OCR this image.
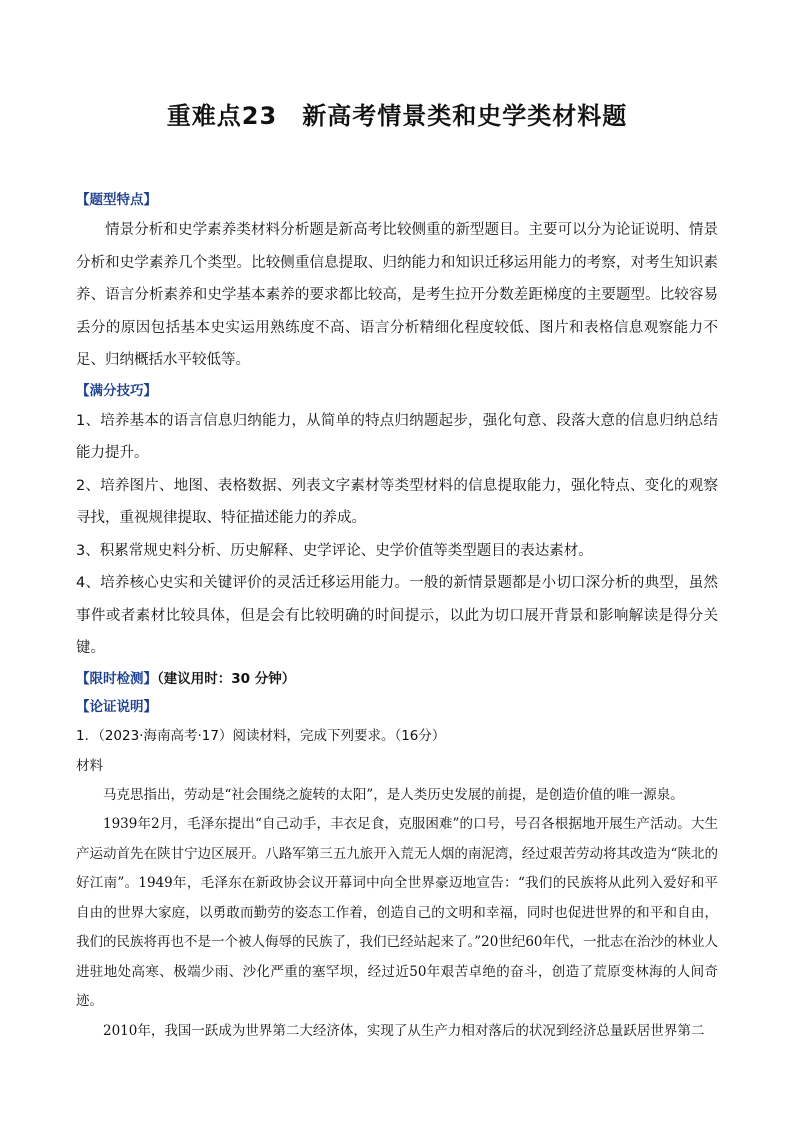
重难点23　新高考情景类和史学类材料题

【题型特点】

情景分析和史学素养类材料分析题是新高考比较侧重的新型题目。主要可以分为论证说明、情景分析和史学素养几个类型。比较侧重信息提取、归纳能力和知识迁移运用能力的考察，对考生知识素养、语言分析素养和史学基本素养的要求都比较高，是考生拉开分数差距梯度的主要题型。比较容易丢分的原因包括基本史实运用熟练度不高、语言分析精细化程度较低、图片和表格信息观察能力不足、归纳概括水平较低等。

【满分技巧】

1、培养基本的语言信息归纳能力，从简单的特点归纳题起步，强化句意、段落大意的信息归纳总结能力提升。

2、培养图片、地图、表格数据、列表文字素材等类型材料的信息提取能力，强化特点、变化的观察寻找，重视规律提取、特征描述能力的养成。

3、积累常规史料分析、历史解释、史学评论、史学价值等类型题目的表达素材。

4、培养核心史实和关键评价的灵活迁移运用能力。一般的新情景题都是小切口深分析的典型，虽然事件或者素材比较具体，但是会有比较明确的时间提示，以此为切口展开背景和影响解读是得分关键。

【限时检测】（建议用时：30 分钟）

【论证说明】

1．（2023·海南高考·17）阅读材料，完成下列要求。（16分）

材料

马克思指出，劳动是“社会围绕之旋转的太阳”，是人类历史发展的前提，是创造价值的唯一源泉。

1939年2月，毛泽东提出“自己动手，丰衣足食，克服困难”的口号，号召各根据地开展生产活动。大生产运动首先在陕甘宁边区展开。八路军第三五九旅开入荒无人烟的南泥湾，经过艰苦劳动将其改造为“陕北的好江南”。1949年，毛泽东在新政协会议开幕词中向全世界豪迈地宣告：“我们的民族将从此列入爱好和平自由的世界大家庭，以勇敢而勤劳的姿态工作着，创造自己的文明和幸福，同时也促进世界的和平和自由，我们的民族将再也不是一个被人侮辱的民族了，我们已经站起来了。”20世纪60年代，一批志在治沙的林业人进驻地处高寒、极端少雨、沙化严重的塞罕坝，经过近50年艰苦卓绝的奋斗，创造了荒原变林海的人间奇迹。

2010年，我国一跃成为世界第二大经济体，实现了从生产力相对落后的状况到经济总量跃居世界第二
